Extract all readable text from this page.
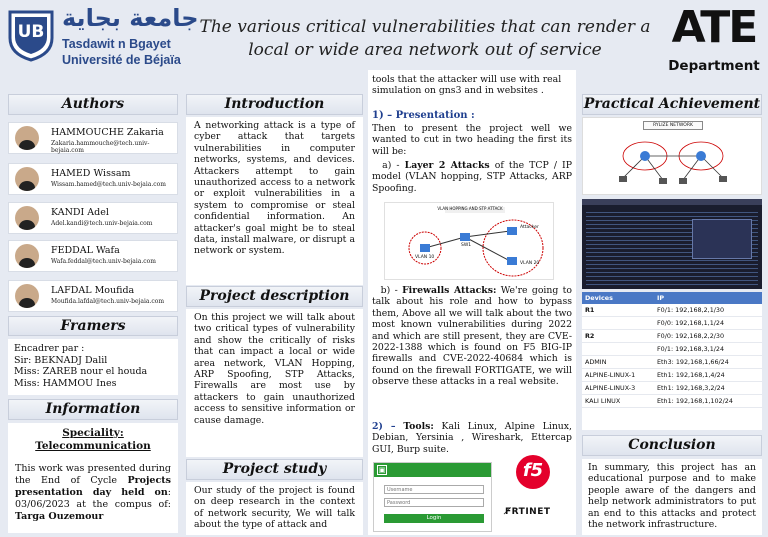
UB جامعة بجاية
Tasdawit n Bgayet
Université de Béjaïa
The various critical vulnerabilities that can render a local or wide area network out of service	ATE
Department
Authors
HAMMOUCHE Zakaria
Zakaria.hammouche@tech.univ-bejaia.com
HAMED Wissam
Wissam.hamed@tech.univ-bejaia.com
KANDI Adel
Adel.kandi@tech.univ-bejaia.com
FEDDAL Wafa
Wafa.feddal@tech.univ-bejaia.com
LAFDAL Moufida
Moufida.lafdal@tech.univ-bejaia.com
Framers
Encadrer par :
Sir: BEKNADJ Dalil
Miss: ZAREB nour el houda
Miss: HAMMOU Ines
Information
Speciality:
Telecommunication
This work was presented during the End of Cycle Projects presentation day held on: 03/06/2023 at the compus of: Targa Ouzemour
Introduction
A networking attack is a type of cyber attack that targets vulnerabilities in computer networks, systems, and devices. Attackers attempt to gain unauthorized access to a network or exploit vulnerabilities in a system to compromise or steal confidential information. An attacker's goal might be to steal data, install malware, or disrupt a network or system.
Project description
On this project we will talk about two critical types of vulnerability and show the critically of risks that can impact a local or wide area network, VLAN Hopping, ARP Spoofing, STP Attacks, Firewalls are most use by attackers to gain unauthorized access to sensitive information or cause damage.
Project study
Our study of the project is found on deep research in the context of network security, We will talk about the type of attack and
tools that the attacker will use with real simulation on gns3 and in websites .
1) – Presentation :
Then to present the project well we wanted to cut in two heading the first its will be:
a) - Layer 2 Attacks of the TCP / IP model (VLAN hopping, STP Attacks, ARP Spoofing.
VLAN HOPPING AND STP ATTACK
VLAN 10
SW1
Attacker
VLAN 20
b) - Firewalls Attacks: We're going to talk about his role and how to bypass them, Above all we will talk about the two most known vulnerabilities during 2022 and which are still present, they are CVE-2022-1388 which is found on F5 BIG-IP firewalls and CVE-2022-40684 which is found on the firewall FORTIGATE, we will observe these attacks in a real website.
2) – Tools: Kali Linux, Alpine Linux, Debian, Yersinia , Wireshark, Ettercap GUI, Burp suite.
▣
Username
Password
Login
f5
F̸RTINET
Practical Achievement
RYLIZE NETWORK
Devices	IP
R1	F0/1: 192,168,2,1/30
	F0/0: 192,168,1,1/24
R2	F0/0: 192,168,2,2/30
	F0/1: 192,168,3,1/24
ADMIN	Eth3: 192,168,1,66/24
ALPINE-LINUX-1	Eth1: 192,168,1,4/24
ALPINE-LINUX-3	Eth1: 192,168,3,2/24
KALI LINUX	Eth1: 192,168,1,102/24
Conclusion
In summary, this project has an educational purpose and to make people aware of the dangers and help network administrators to put an end to this attacks and protect the network infrastructure.
